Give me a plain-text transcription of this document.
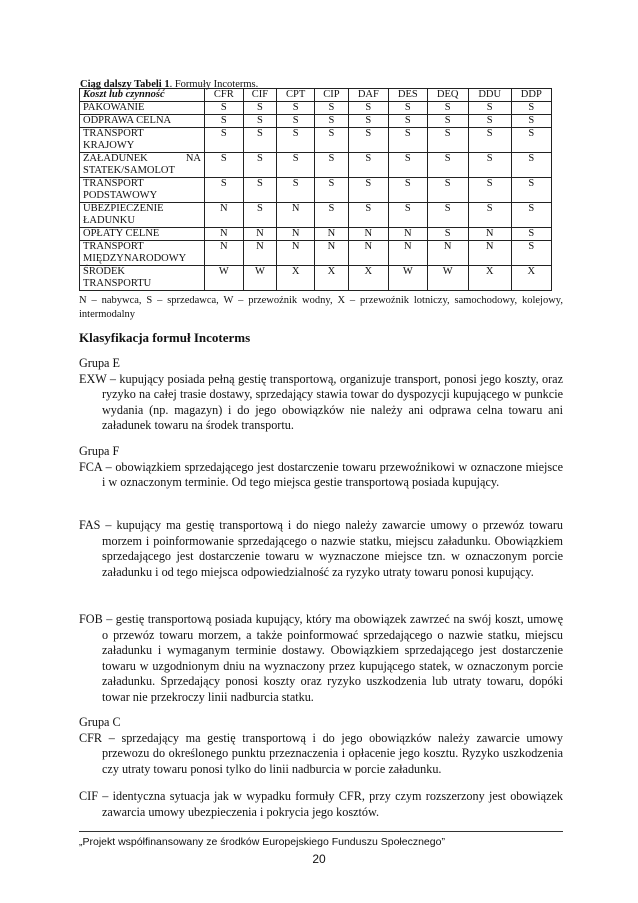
Ciąg dalszy Tabeli 1. Formuły Incoterms.
Koszt lub czynność	CFR	CIF	CPT	CIP	DAF	DES	DEQ	DDU	DDP

PAKOWANIE	S	S	S	S	S	S	S	S	S

ODPRAWA CELNA	S	S	S	S	S	S	S	S	S

TRANSPORT
KRAJOWY	S	S	S	S	S	S	S	S	S

ZAŁADUNEK NA
STATEK/SAMOLOT	S	S	S	S	S	S	S	S	S

TRANSPORT
PODSTAWOWY	S	S	S	S	S	S	S	S	S

UBEZPIECZENIE
ŁADUNKU	N	S	N	S	S	S	S	S	S

OPŁATY CELNE	N	N	N	N	N	N	S	N	S

TRANSPORT
MIĘDZYNARODOWY	N	N	N	N	N	N	N	N	S

ŚRODEK
TRANSPORTU	W	W	X	X	X	W	W	X	X
N – nabywca, S – sprzedawca, W – przewoźnik wodny, X – przewoźnik lotniczy, samochodowy, kolejowy, intermodalny
Klasyfikacja formuł Incoterms
Grupa E
EXW – kupujący posiada pełną gestię transportową, organizuje transport, ponosi jego koszty, oraz ryzyko na całej trasie dostawy, sprzedający stawia towar do dyspozycji kupującego w punkcie wydania (np. magazyn) i do jego obowiązków nie należy ani odprawa celna towaru ani załadunek towaru na środek transportu.
Grupa F
FCA – obowiązkiem sprzedającego jest dostarczenie towaru przewoźnikowi w oznaczone miejsce i w oznaczonym terminie. Od tego miejsca gestie transportową posiada kupujący.
FAS – kupujący ma gestię transportową i do niego należy zawarcie umowy o przewóz towaru morzem i poinformowanie sprzedającego o nazwie statku, miejscu załadunku. Obowiązkiem sprzedającego jest dostarczenie towaru w wyznaczone miejsce tzn. w oznaczonym porcie załadunku i od tego miejsca odpowiedzialność za ryzyko utraty towaru ponosi kupujący.
FOB – gestię transportową posiada kupujący, który ma obowiązek zawrzeć na swój koszt, umowę o przewóz towaru morzem, a także poinformować sprzedającego o nazwie statku, miejscu załadunku i wymaganym terminie dostawy. Obowiązkiem sprzedającego jest dostarczenie towaru w uzgodnionym dniu na wyznaczony przez kupującego statek, w oznaczonym porcie załadunku. Sprzedający ponosi koszty oraz ryzyko uszkodzenia lub utraty towaru, dopóki towar nie przekroczy linii nadburcia statku.
Grupa C
CFR – sprzedający ma gestię transportową i do jego obowiązków należy zawarcie umowy przewozu do określonego punktu przeznaczenia i opłacenie jego kosztu. Ryzyko uszkodzenia czy utraty towaru ponosi tylko do linii nadburcia w porcie załadunku.
CIF – identyczna sytuacja jak w wypadku formuły CFR, przy czym rozszerzony jest obowiązek zawarcia umowy ubezpieczenia i pokrycia jego kosztów.
„Projekt współfinansowany ze środków Europejskiego Funduszu Społecznego”
20
